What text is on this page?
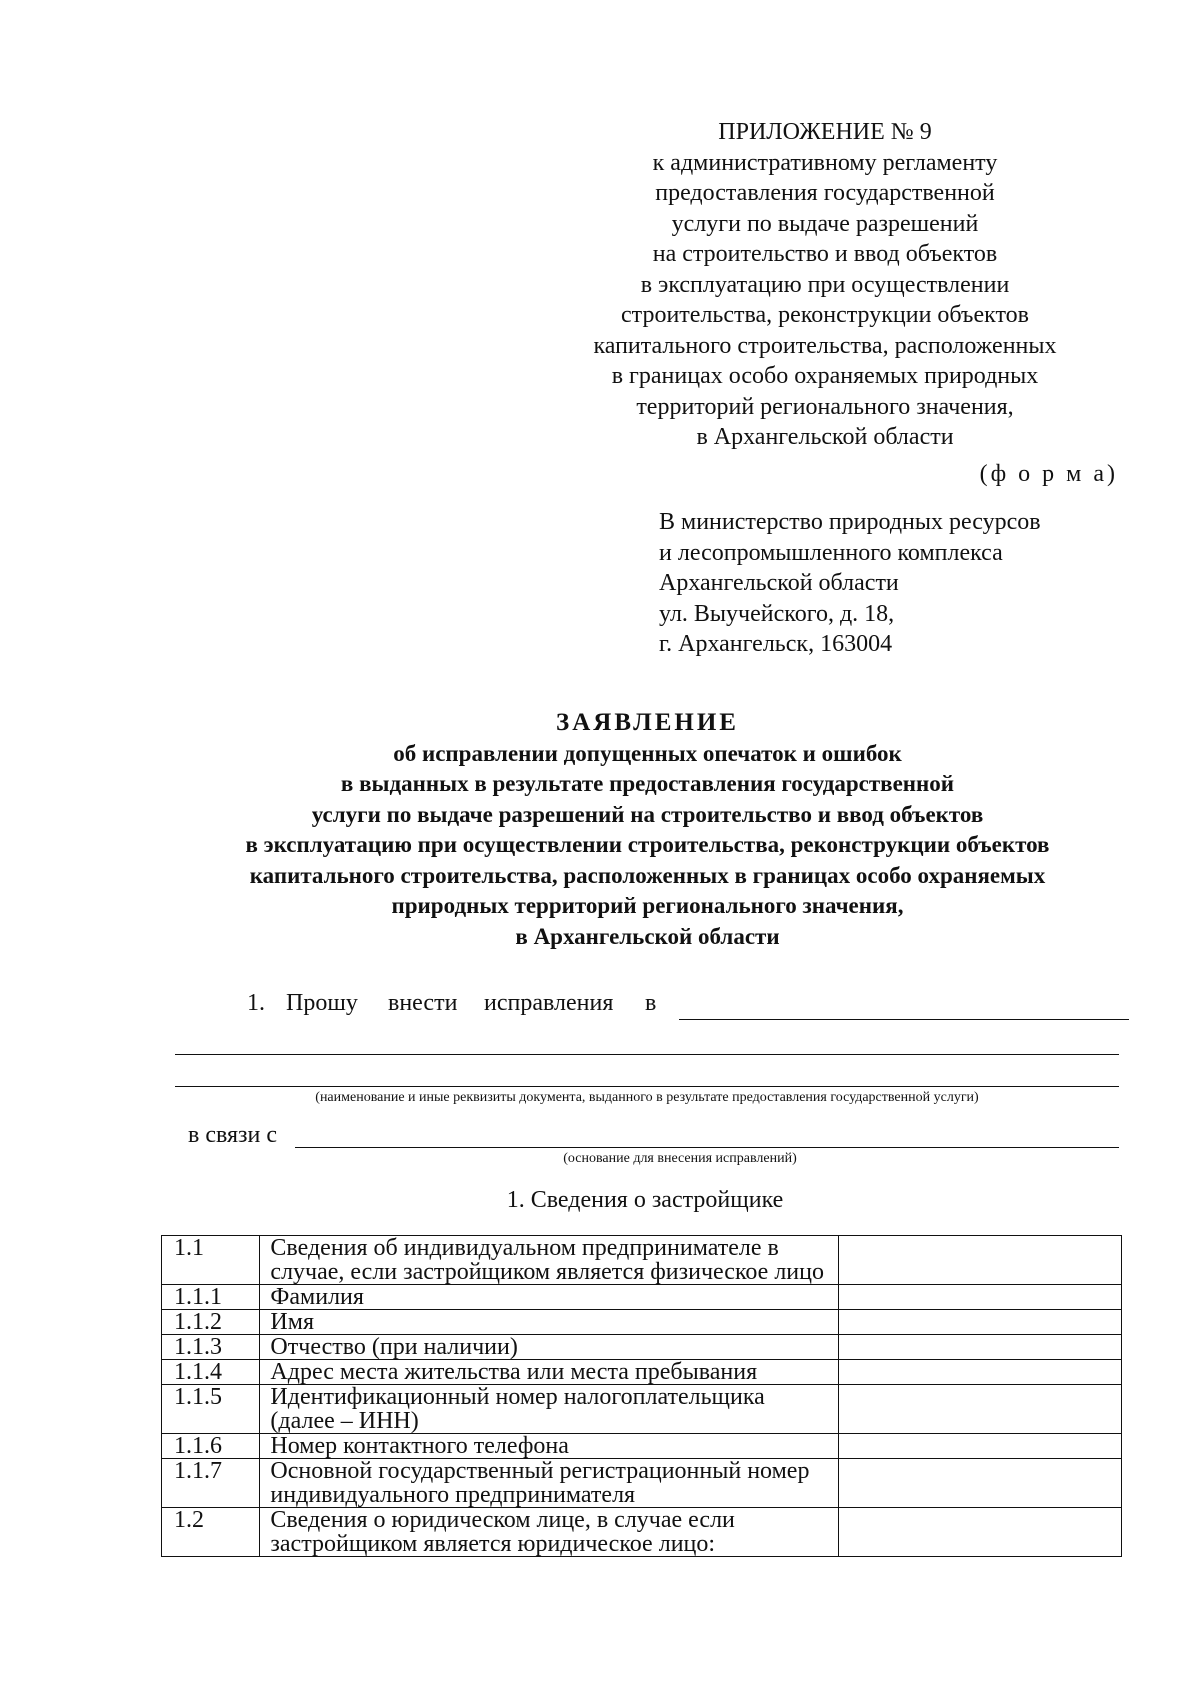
ПРИЛОЖЕНИЕ № 9
к административному регламенту
предоставления государственной
услуги по выдаче разрешений
на строительство и ввод объектов
в эксплуатацию при осуществлении
строительства, реконструкции объектов
капитального строительства, расположенных
в границах особо охраняемых природных
территорий регионального значения,
в Архангельской области
(ф о р м а)
В министерство природных ресурсов
и лесопромышленного комплекса
Архангельской области
ул. Выучейского, д. 18,
г. Архангельск, 163004
ЗАЯВЛЕНИЕ
об исправлении допущенных опечаток и ошибок
в выданных в результате предоставления государственной
услуги по выдаче разрешений на строительство и ввод объектов
в эксплуатацию при осуществлении строительства, реконструкции объектов
капитального строительства, расположенных в границах особо охраняемых
природных территорий регионального значения,
в Архангельской области
1. Прошу внести исправления в
(наименование и иные реквизиты документа, выданного в результате предоставления государственной услуги)
в связи с
(основание для внесения исправлений)
1. Сведения о застройщике
1.1	Сведения об индивидуальном предпринимателе в случае, если застройщиком является физическое лицо	
1.1.1	Фамилия	
1.1.2	Имя	
1.1.3	Отчество (при наличии)	
1.1.4	Адрес места жительства или места пребывания	
1.1.5	Идентификационный номер налогоплательщика (далее – ИНН)	
1.1.6	Номер контактного телефона	
1.1.7	Основной государственный регистрационный номер индивидуального предпринимателя	
1.2	Сведения о юридическом лице, в случае если застройщиком является юридическое лицо:	
